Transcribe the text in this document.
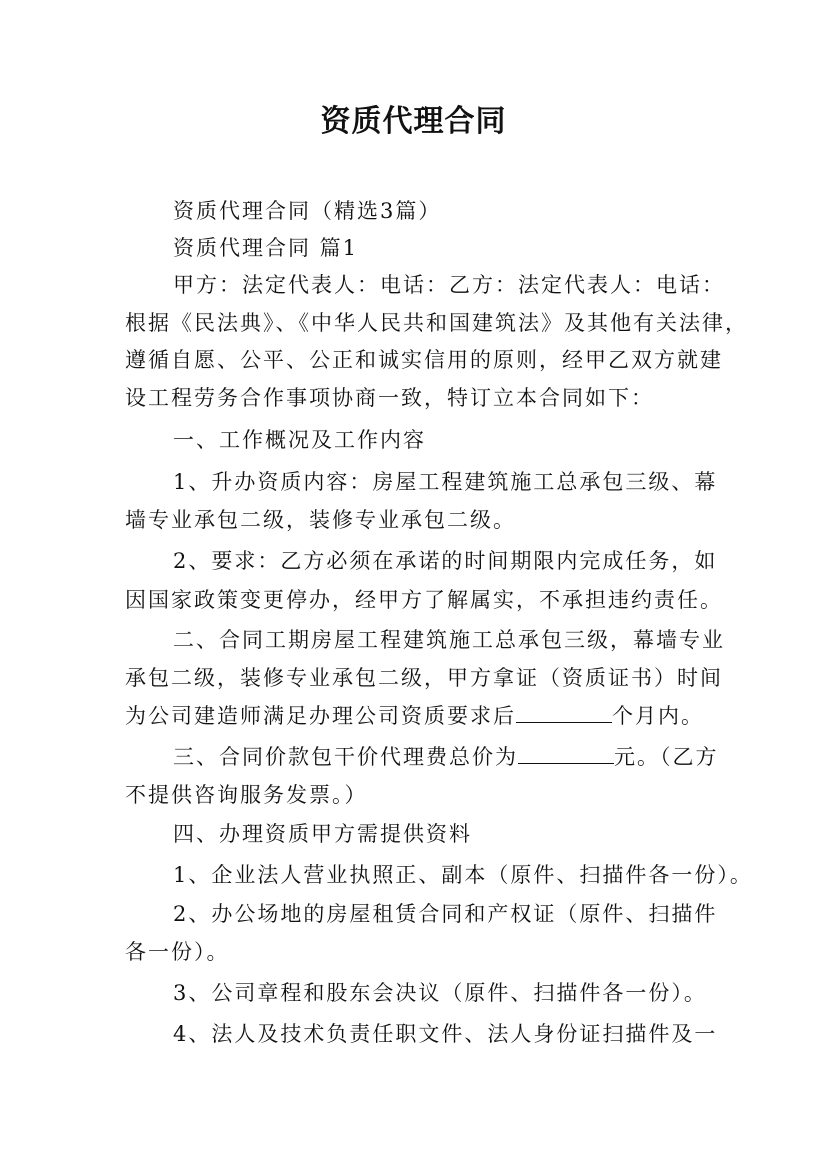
资质代理合同
资质代理合同（精选3篇）
资质代理合同 篇1
甲方：法定代表人：电话：乙方：法定代表人：电话：
根据《民法典》、《中华人民共和国建筑法》及其他有关法律，
遵循自愿、公平、公正和诚实信用的原则，经甲乙双方就建
设工程劳务合作事项协商一致，特订立本合同如下：
一、工作概况及工作内容
1、升办资质内容：房屋工程建筑施工总承包三级、幕
墙专业承包二级，装修专业承包二级。
2、要求：乙方必须在承诺的时间期限内完成任务，如
因国家政策变更停办，经甲方了解属实，不承担违约责任。
二、合同工期房屋工程建筑施工总承包三级，幕墙专业
承包二级，装修专业承包二级，甲方拿证（资质证书）时间
为公司建造师满足办理公司资质要求后	个月内。
三、合同价款包干价代理费总价为	元。（乙方
不提供咨询服务发票。）
四、办理资质甲方需提供资料
1、企业法人营业执照正、副本（原件、扫描件各一份）。
2、办公场地的房屋租赁合同和产权证（原件、扫描件
各一份）。
3、公司章程和股东会决议（原件、扫描件各一份）。
4、法人及技术负责任职文件、法人身份证扫描件及一
